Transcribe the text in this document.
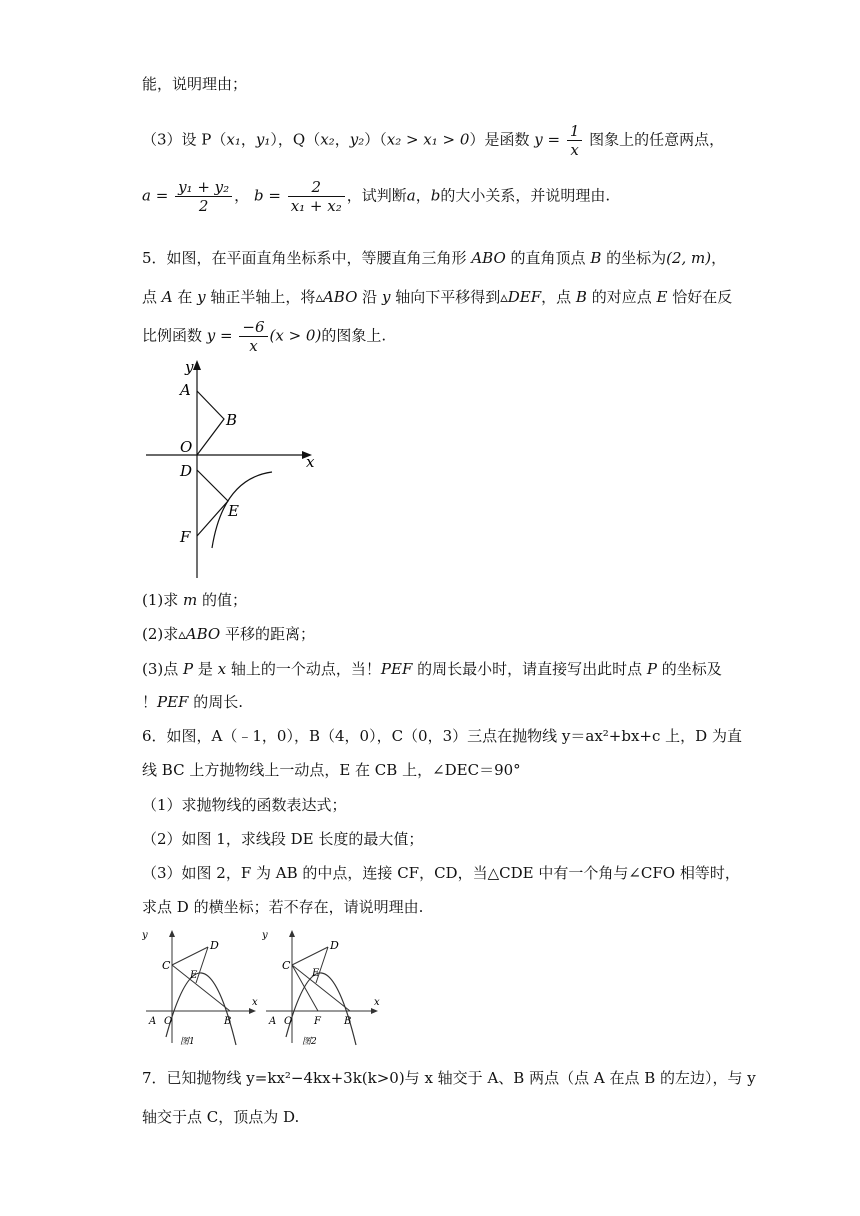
能，说明理由；
（3）设 P（x₁，y₁），Q（x₂，y₂）（x₂ > x₁ > 0）是函数 $y = \frac{1}{x}$ 图象上的任意两点，
$a = \frac{\text{y₁ + y₂}}{2}$ ， $b = \frac{2}{\text{x₁ + x₂}}$ ，试判断a，b的大小关系，并说明理由.
5．如图，在平面直角坐标系中，等腰直角三角形 ABO 的直角顶点 B 的坐标为(2, m)，
点 A 在 y 轴正半轴上，将▵ABO 沿 y 轴向下平移得到▵DEF，点 B 的对应点 E 恰好在反
比例函数 $y = \frac{-6}{x} (x > 0)$的图象上.
y
x
A
B
O
D
E
F
(1)求 m 的值；
(2)求▵ABO 平移的距离；
(3)点 P 是 x 轴上的一个动点，当！PEF 的周长最小时，请直接写出此时点 P 的坐标及
！PEF 的周长.
6．如图，A（﹣1，0），B（4，0），C（0，3）三点在抛物线 y＝ax²+bx+c 上，D 为直
线 BC 上方抛物线上一动点，E 在 CB 上，∠DEC＝90°
（1）求抛物线的函数表达式；
（2）如图 1，求线段 DE 长度的最大值；
（3）如图 2，F 为 AB 的中点，连接 CF，CD，当△CDE 中有一个角与∠CFO 相等时，
求点 D 的横坐标；若不存在，请说明理由.
y
x
C
D
E
A O	B
图1
y
x
C
D
E
A O F B
图2
7．已知抛物线 y=kx²−4kx+3k(k>0)与 x 轴交于 A、B 两点（点 A 在点 B 的左边），与 y
轴交于点 C，顶点为 D.
